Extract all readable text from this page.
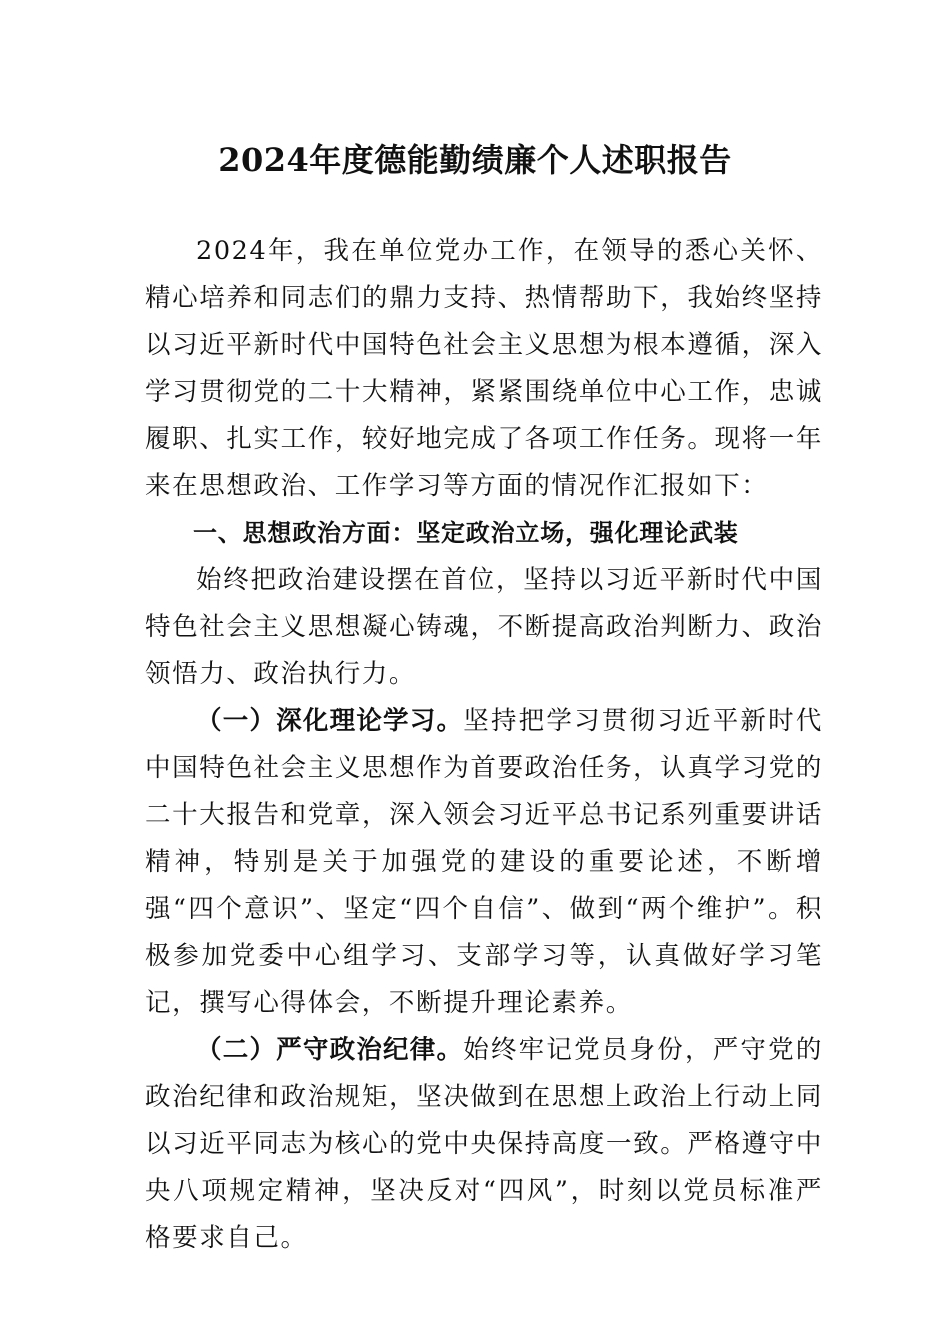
2024年度德能勤绩廉个人述职报告

2024年，我在单位党办工作，在领导的悉心关怀、精心培养和同志们的鼎力支持、热情帮助下，我始终坚持以习近平新时代中国特色社会主义思想为根本遵循，深入学习贯彻党的二十大精神，紧紧围绕单位中心工作，忠诚履职、扎实工作，较好地完成了各项工作任务。现将一年来在思想政治、工作学习等方面的情况作汇报如下：

一、思想政治方面：坚定政治立场，强化理论武装

始终把政治建设摆在首位，坚持以习近平新时代中国特色社会主义思想凝心铸魂，不断提高政治判断力、政治领悟力、政治执行力。

（一）深化理论学习。坚持把学习贯彻习近平新时代中国特色社会主义思想作为首要政治任务，认真学习党的二十大报告和党章，深入领会习近平总书记系列重要讲话精神，特别是关于加强党的建设的重要论述，不断增强“四个意识”、坚定“四个自信”、做到“两个维护”。积极参加党委中心组学习、支部学习等，认真做好学习笔记，撰写心得体会，不断提升理论素养。

（二）严守政治纪律。始终牢记党员身份，严守党的政治纪律和政治规矩，坚决做到在思想上政治上行动上同以习近平同志为核心的党中央保持高度一致。严格遵守中央八项规定精神，坚决反对“四风”，时刻以党员标准严格要求自己。
